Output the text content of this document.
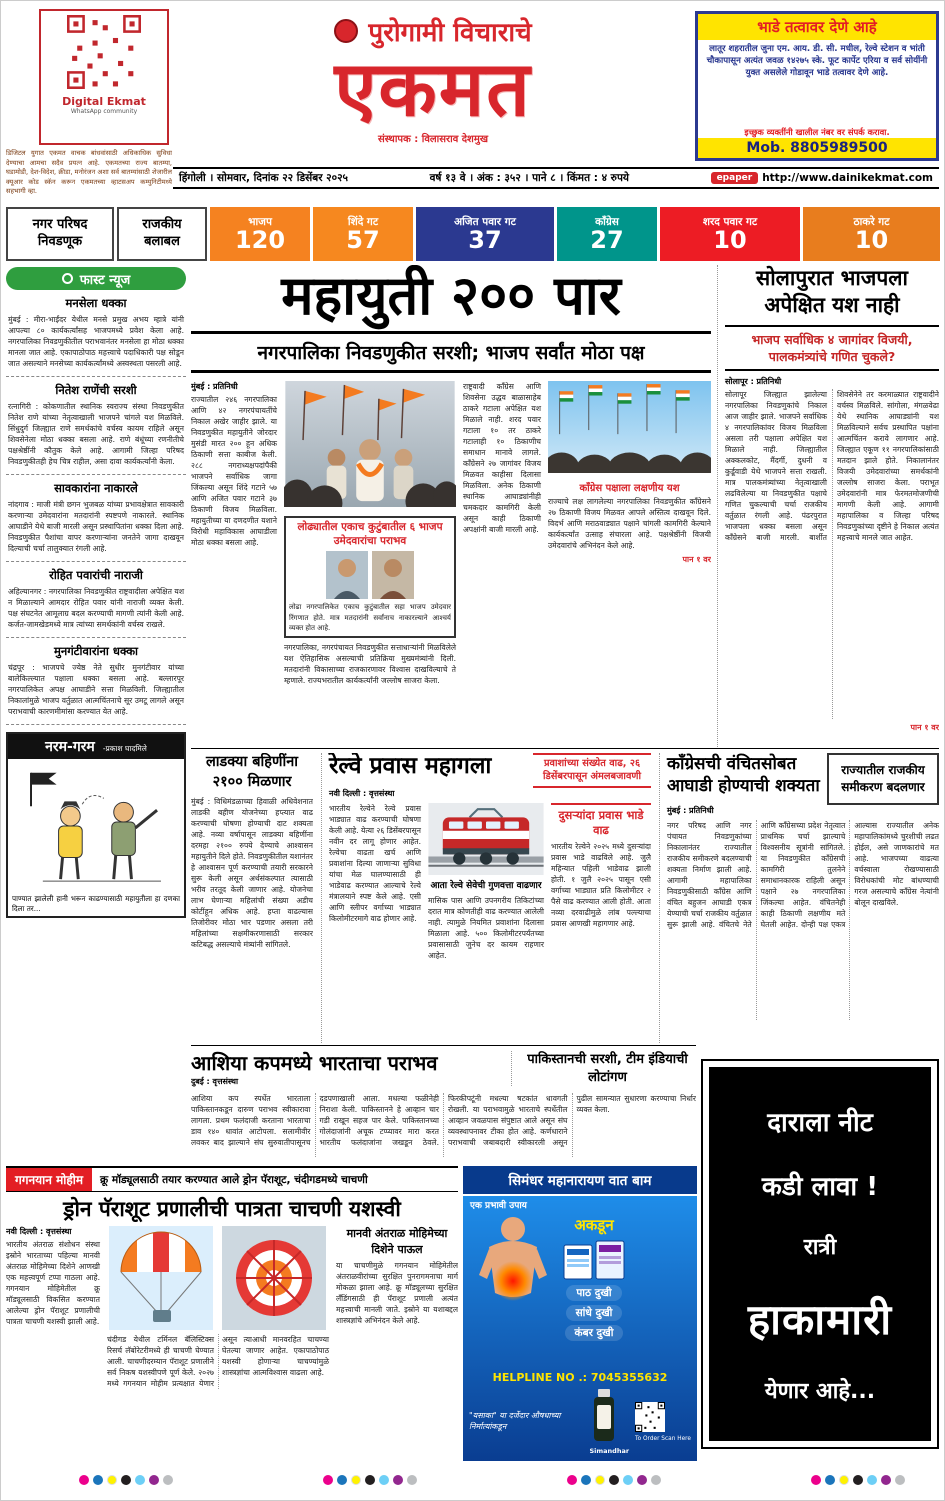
Digital Ekmat
WhatsApp community
डिजिटल युगात एकमत वाचक बांधवांसाठी अधिकाधिक सुविधा देण्याचा आमचा सदैव प्रयत्न आहे. एकमतच्या राज्य बातम्या, घडामोडी, देश-विदेश, क्रीडा, मनोरंजन अशा सर्व बातम्यांसाठी शेजारील क्यूआर कोड स्कॅन करून एकमतच्या व्हाटसअप कम्युनिटीमध्ये सहभागी व्हा.
पुरोगामी विचाराचे
एकमत
संस्थापक : विलासराव देशमुख
भाडे तत्वावर देणे आहे
लातूर शहरातील जुना एम. आय. डी. सी. मधील, रेल्वे स्टेशन व भांती चौकापासून अत्यंत जवळ १४२७५ स्के. फूट कार्पेट एरिया व सर्व सोयींनी युक्त असलेले गोडावून भाडे तत्वावर देणे आहे.
इच्छुक व्यक्तींनी खालील नंबर वर संपर्क करावा.
Mob. 8805989500
हिंगोली । सोमवार, दिनांक २२ डिसेंबर २०२५	वर्ष १३ वे । अंक : ३५२ । पाने ८ । किंमत : ४ रुपये	epaper http://www.dainikekmat.com
नगर परिषद
निवडणूक
राजकीय
बलाबल
भाजप
120
शिंदे गट
57
अजित पवार गट
37
काँग्रेस
27
शरद पवार गट
10
ठाकरे गट
10
फास्ट न्यूज
मनसेला धक्का
मुंबई : मीरा-भाईंदर येथील मनसे प्रमुख अभय म्हात्रे यांनी आपल्या ८० कार्यकर्त्यांसह भाजपमध्ये प्रवेश केला आहे. नगरपालिका निवडणुकीतील पराभवानंतर मनसेला हा मोठा धक्का मानला जात आहे. एकापाठोपाठ महत्त्वाचे पदाधिकारी पक्ष सोडून जात असल्याने मनसेच्या कार्यकर्त्यांमध्ये अस्वस्थता पसरली आहे.
नितेश राणेंची सरशी
रत्नागिरी : कोकणातील स्थानिक स्वराज्य संस्था निवडणुकीत नितेश राणे यांच्या नेतृत्वाखाली भाजपने चांगले यश मिळविले. सिंधुदुर्ग जिल्ह्यात राणे समर्थकांचे वर्चस्व कायम राहिले असून शिवसेनेला मोठा धक्का बसला आहे. राणे बंधूंच्या रणनीतीचे पक्षश्रेष्ठींनी कौतुक केले आहे. आगामी जिल्हा परिषद निवडणुकीतही हेच चित्र राहील, असा दावा कार्यकर्त्यांनी केला.
सावकारांना नाकारले
नांदगाव : माजी मंत्री छगन भुजबळ यांच्या प्रभावक्षेत्रात सावकारी करणाऱ्या उमेदवारांना मतदारांनी स्पष्टपणे नाकारले. स्थानिक आघाडीने येथे बाजी मारली असून प्रस्थापितांना धक्का दिला आहे. निवडणुकीत पैशांचा वापर करणाऱ्यांना जनतेने जागा दाखवून दिल्याची चर्चा तालुक्यात रंगली आहे.
रोहित पवारांची नाराजी
अहिल्यानगर : नगरपालिका निवडणुकीत राष्ट्रवादीला अपेक्षित यश न मिळाल्याने आमदार रोहित पवार यांनी नाराजी व्यक्त केली. पक्ष संघटनेत आमूलाग्र बदल करण्याची मागणी त्यांनी केली आहे. कर्जत-जामखेडमध्ये मात्र त्यांच्या समर्थकांनी वर्चस्व राखले.
मुनगंटीवारांना धक्का
चंद्रपूर : भाजपचे ज्येष्ठ नेते सुधीर मुनगंटीवार यांच्या बालेकिल्ल्यात पक्षाला धक्का बसला आहे. बल्लारपूर नगरपालिकेत अपक्ष आघाडीने सत्ता मिळविली. जिल्ह्यातील निकालांमुळे भाजप वर्तुळात आत्मचिंतनाचे सूर उमटू लागले असून पराभवाची कारणमीमांसा करण्यात येत आहे.
नरम-गरम -प्रकाश घादमिले
पाण्यात झालेली हानी भरून काढण्यासाठी महायुतीला हा दणका दिला तर...
महायुती २०० पार
नगरपालिका निवडणुकीत सरशी; भाजप सर्वांत मोठा पक्ष
मुंबई : प्रतिनिधी
राज्यातील २४६ नगरपालिका आणि ४२ नगरपंचायतींचे निकाल अखेर जाहीर झाले. या निवडणुकीत महायुतीने जोरदार मुसंडी मारत २०० हून अधिक ठिकाणी सत्ता काबीज केली. २८८ नगराध्यक्षपदांपैकी भाजपने सर्वाधिक जागा जिंकल्या असून शिंदे गटाने ५७ आणि अजित पवार गटाने ३७ ठिकाणी विजय मिळविला. महायुतीच्या या दणदणीत यशाने विरोधी महाविकास आघाडीला मोठा धक्का बसला आहे.
लोढ्यातील एकाच कुटुंबातील ६ भाजप उमेदवारांचा पराभव
लोढा नगरपालिकेत एकाच कुटुंबातील सहा भाजप उमेदवार रिंगणात होते. मात्र मतदारांनी सर्वांनाच नाकारल्याने आश्चर्य व्यक्त होत आहे.
नगरपालिका, नगरपंचायत निवडणुकीत सत्ताधाऱ्यांनी मिळविलेले यश ऐतिहासिक असल्याची प्रतिक्रिया मुख्यमंत्र्यांनी दिली. मतदारांनी विकासाच्या राजकारणावर विश्वास दाखविल्याचे ते म्हणाले. राज्यभरातील कार्यकर्त्यांनी जल्लोष साजरा केला.
राष्ट्रवादी काँग्रेस आणि शिवसेना उद्धव बाळासाहेब ठाकरे गटाला अपेक्षित यश मिळाले नाही. शरद पवार गटाला १० तर ठाकरे गटालाही १० ठिकाणीच समाधान मानावे लागले. काँग्रेसने २७ जागांवर विजय मिळवत काहीसा दिलासा मिळविला. अनेक ठिकाणी स्थानिक आघाड्यांनीही चमकदार कामगिरी केली असून काही ठिकाणी अपक्षांनी बाजी मारली आहे.
काँग्रेस पक्षाला लक्षणीय यश
राज्याचे लक्ष लागलेल्या नगरपालिका निवडणुकीत काँग्रेसने २७ ठिकाणी विजय मिळवत आपले अस्तित्व दाखवून दिले. विदर्भ आणि मराठवाड्यात पक्षाने चांगली कामगिरी केल्याने कार्यकर्त्यांत उत्साह संचारला आहे. पक्षश्रेष्ठींनी विजयी उमेदवारांचे अभिनंदन केले आहे.
पान १ वर
सोलापुरात भाजपला अपेक्षित यश नाही
भाजप सर्वाधिक ४ जागांवर विजयी, पालकमंत्र्यांचे गणित चुकले?
सोलापूर : प्रतिनिधी
सोलापूर जिल्ह्यात झालेल्या नगरपालिका निवडणुकांचे निकाल आज जाहीर झाले. भाजपने सर्वाधिक ४ नगरपालिकांवर विजय मिळविला असला तरी पक्षाला अपेक्षित यश मिळाले नाही. जिल्ह्यातील अक्कलकोट, मैंदर्गी, दुधनी व कुर्डूवाडी येथे भाजपने सत्ता राखली. मात्र पालकमंत्र्यांच्या नेतृत्वाखाली लढविलेल्या या निवडणुकीत पक्षाचे गणित चुकल्याची चर्चा राजकीय वर्तुळात रंगली आहे. पंढरपुरात भाजपला धक्का बसला असून काँग्रेसने बाजी मारली. बार्शीत शिवसेनेने तर करमाळ्यात राष्ट्रवादीने वर्चस्व मिळविले. सांगोला, मंगळवेढा येथे स्थानिक आघाड्यांनी यश मिळविल्याने सर्वच प्रस्थापित पक्षांना आत्मचिंतन करावे लागणार आहे. जिल्ह्यात एकूण ११ नगरपालिकांसाठी मतदान झाले होते. निकालानंतर विजयी उमेदवारांच्या समर्थकांनी जल्लोष साजरा केला. पराभूत उमेदवारांनी मात्र फेरमतमोजणीची मागणी केली आहे. आगामी महापालिका व जिल्हा परिषद निवडणुकांच्या दृष्टीने हे निकाल अत्यंत महत्त्वाचे मानले जात आहेत.
पान १ वर
लाडक्या बहिणींना २१०० मिळणार
मुंबई : विधिमंडळाच्या हिवाळी अधिवेशनात लाडकी बहीण योजनेच्या हप्त्यात वाढ करण्याची घोषणा होण्याची दाट शक्यता आहे. नव्या वर्षापासून लाडक्या बहिणींना दरमहा २१०० रुपये देण्याचे आश्वासन महायुतीने दिले होते. निवडणुकीतील यशानंतर हे आश्वासन पूर्ण करण्याची तयारी सरकारने सुरू केली असून अर्थसंकल्पात त्यासाठी भरीव तरतूद केली जाणार आहे. योजनेचा लाभ घेणाऱ्या महिलांची संख्या अडीच कोटींहून अधिक आहे. हप्ता वाढल्यास तिजोरीवर मोठा भार पडणार असला तरी महिलांच्या सक्षमीकरणासाठी सरकार कटिबद्ध असल्याचे मंत्र्यांनी सांगितले.
रेल्वे प्रवास महागला	प्रवाशांच्या संख्येत वाढ, २६ डिसेंबरपासून अंमलबजावणी
नवी दिल्ली : वृत्तसंस्था
भारतीय रेल्वेने रेल्वे प्रवास भाड्यात वाढ करण्याची घोषणा केली आहे. येत्या २६ डिसेंबरपासून नवीन दर लागू होणार आहेत. रेल्वेचा वाढता खर्च आणि प्रवाशांना दिल्या जाणाऱ्या सुविधा यांचा मेळ घालण्यासाठी ही भाडेवाढ करण्यात आल्याचे रेल्वे मंत्रालयाने स्पष्ट केले आहे. एसी आणि स्लीपर वर्गाच्या भाड्यात किलोमीटरमागे वाढ होणार आहे.
आता रेल्वे सेवेची गुणवत्ता वाढणार
मासिक पास आणि उपनगरीय तिकिटांच्या दरात मात्र कोणतीही वाढ करण्यात आलेली नाही. त्यामुळे नियमित प्रवाशांना दिलासा मिळाला आहे. ५०० किलोमीटरपर्यंतच्या प्रवासासाठी जुनेच दर कायम राहणार आहेत.
दुसऱ्यांदा प्रवास भाडे वाढ
भारतीय रेल्वेने २०२५ मध्ये दुसऱ्यांदा प्रवास भाडे वाढविले आहे. जुलै महिन्यात पहिली भाडेवाढ झाली होती. १ जुलै २०२५ पासून एसी वर्गाच्या भाड्यात प्रति किलोमीटर २ पैसे वाढ करण्यात आली होती. आता नव्या दरवाढीमुळे लांब पल्ल्याचा प्रवास आणखी महागणार आहे.
काँग्रेसची वंचितसोबत आघाडी होण्याची शक्यता
राज्यातील राजकीय समीकरण बदलणार
मुंबई : प्रतिनिधी
नगर परिषद आणि नगर पंचायत निवडणुकांच्या निकालानंतर राज्यातील राजकीय समीकरणे बदलण्याची शक्यता निर्माण झाली आहे. आगामी महापालिका निवडणुकीसाठी काँग्रेस आणि वंचित बहुजन आघाडी एकत्र येण्याची चर्चा राजकीय वर्तुळात सुरू झाली आहे. वंचितचे नेते आणि काँग्रेसच्या प्रदेश नेतृत्वात प्राथमिक चर्चा झाल्याचे विश्वसनीय सूत्रांनी सांगितले. या निवडणुकीत काँग्रेसची कामगिरी तुलनेने समाधानकारक राहिली असून पक्षाने २७ नगरपालिका जिंकल्या आहेत. वंचितनेही काही ठिकाणी लक्षणीय मते घेतली आहेत. दोन्ही पक्ष एकत्र आल्यास राज्यातील अनेक महापालिकांमध्ये चुरशीची लढत होईल, असे जाणकारांचे मत आहे. भाजपच्या वाढत्या वर्चस्वाला रोखण्यासाठी विरोधकांची मोट बांधण्याची गरज असल्याचे काँग्रेस नेत्यांनी बोलून दाखविले.
आशिया कपमध्ये भारताचा पराभव
दुबई : वृत्तसंस्था
पाकिस्तानची सरशी, टीम इंडियाची लोटांगण
आशिया कप स्पर्धेत भारताला पाकिस्तानकडून दारुण पराभव स्वीकारावा लागला. प्रथम फलंदाजी करताना भारताचा डाव १४० धावांत आटोपला. सलामीवीर लवकर बाद झाल्याने संघ सुरुवातीपासूनच दडपणाखाली आला. मधल्या फळीनेही निराशा केली. पाकिस्तानने हे आव्हान चार गडी राखून सहज पार केले. पाकिस्तानच्या गोलंदाजांनी अचूक टप्प्यावर मारा करत भारतीय फलंदाजांना जखडून ठेवले. फिरकीपटूंनी मधल्या षटकांत धावगती रोखली. या पराभवामुळे भारताचे स्पर्धेतील आव्हान जवळपास संपुष्टात आले असून संघ व्यवस्थापनावर टीका होत आहे. कर्णधाराने पराभवाची जबाबदारी स्वीकारली असून पुढील सामन्यात सुधारणा करण्याचा निर्धार व्यक्त केला.	दाराला नीट
कडी लावा !
रात्री
हाकामारी
येणार आहे...
गगनयान मोहीम	क्रू मॉड्यूलसाठी तयार करण्यात आले ड्रोन पॅराशूट, चंदीगडमध्ये चाचणी
ड्रोन पॅराशूट प्रणालीची पात्रता चाचणी यशस्वी
नवी दिल्ली : वृत्तसंस्था
भारतीय अंतराळ संशोधन संस्था इस्रोने भारताच्या पहिल्या मानवी अंतराळ मोहिमेच्या दिशेने आणखी एक महत्त्वपूर्ण टप्पा गाठला आहे. गगनयान मोहिमेतील क्रू मॉड्यूलसाठी विकसित करण्यात आलेल्या ड्रोन पॅराशूट प्रणालीची पात्रता चाचणी यशस्वी झाली आहे.
चंदीगड येथील टर्मिनल बॅलिस्टिक्स रिसर्च लॅबोरेटरीमध्ये ही चाचणी घेण्यात आली. चाचणीदरम्यान पॅराशूट प्रणालीने सर्व निकष यशस्वीपणे पूर्ण केले. २०२७ मध्ये गगनयान मोहीम प्रत्यक्षात येणार असून त्याआधी मानवरहित चाचण्या घेतल्या जाणार आहेत. एकापाठोपाठ यशस्वी होणाऱ्या चाचण्यांमुळे शास्त्रज्ञांचा आत्मविश्वास वाढला आहे.
मानवी अंतराळ मोहिमेच्या दिशेने पाऊल
या चाचणीमुळे गगनयान मोहिमेतील अंतराळवीरांच्या सुरक्षित पुनरागमनाचा मार्ग मोकळा झाला आहे. क्रू मॉड्यूलच्या सुरक्षित लँडिंगसाठी ही पॅराशूट प्रणाली अत्यंत महत्त्वाची मानली जाते. इस्रोने या यशाबद्दल शास्त्रज्ञांचे अभिनंदन केले आहे.
सिमंधर महानारायण वात बाम
एक प्रभावी उपाय
अकडून
पाठ दुखी
सांधे दुखी
कंबर दुखी
HELPLINE NO .: 7045355632
"यसाका" या दर्जेदार औषधाच्या निर्मात्यांकडून
Simandhar
To Order Scan Here
